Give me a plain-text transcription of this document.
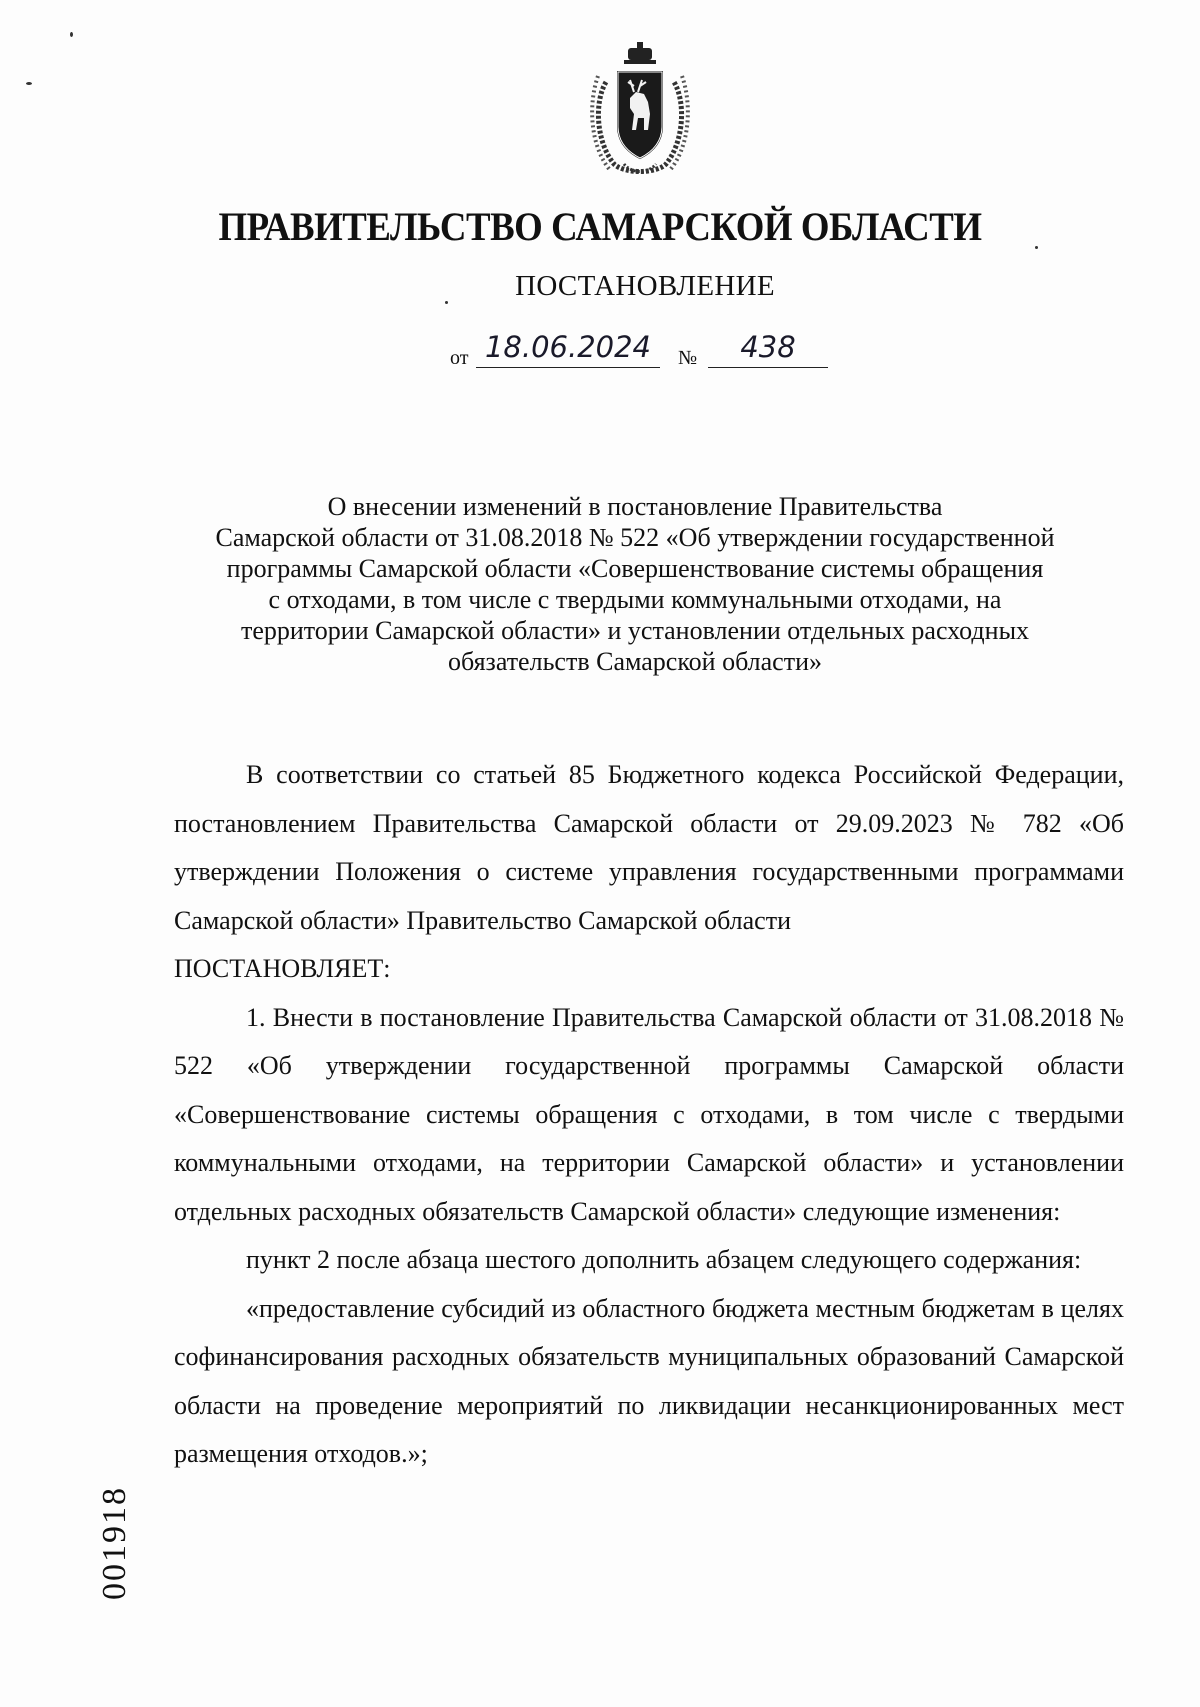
ПРАВИТЕЛЬСТВО САМАРСКОЙ ОБЛАСТИ
ПОСТАНОВЛЕНИЕ
от 18.06.2024	№	438
О внесении изменений в постановление Правительства
Самарской области от 31.08.2018 № 522 «Об утверждении государственной
программы Самарской области «Совершенствование системы обращения
с отходами, в том числе с твердыми коммунальными отходами, на
территории Самарской области» и установлении отдельных расходных
обязательств Самарской области»

В соответствии со статьей 85 Бюджетного кодекса Российской Федерации, постановлением Правительства Самарской области от 29.09.2023 № 782 «Об утверждении Положения о системе управления государственными программами Самарской области» Правительство Самарской области

ПОСТАНОВЛЯЕТ:

1. Внести в постановление Правительства Самарской области от 31.08.2018 № 522 «Об утверждении государственной программы Самарской области «Совершенствование системы обращения с отходами, в том числе с твердыми коммунальными отходами, на территории Самарской области» и установлении отдельных расходных обязательств Самарской области» следующие изменения:

пункт 2 после абзаца шестого дополнить абзацем следующего содержания:

«предоставление субсидий из областного бюджета местным бюджетам в целях софинансирования расходных обязательств муниципальных образований Самарской области на проведение мероприятий по ликвидации несанкционированных мест размещения отходов.»;

001918
